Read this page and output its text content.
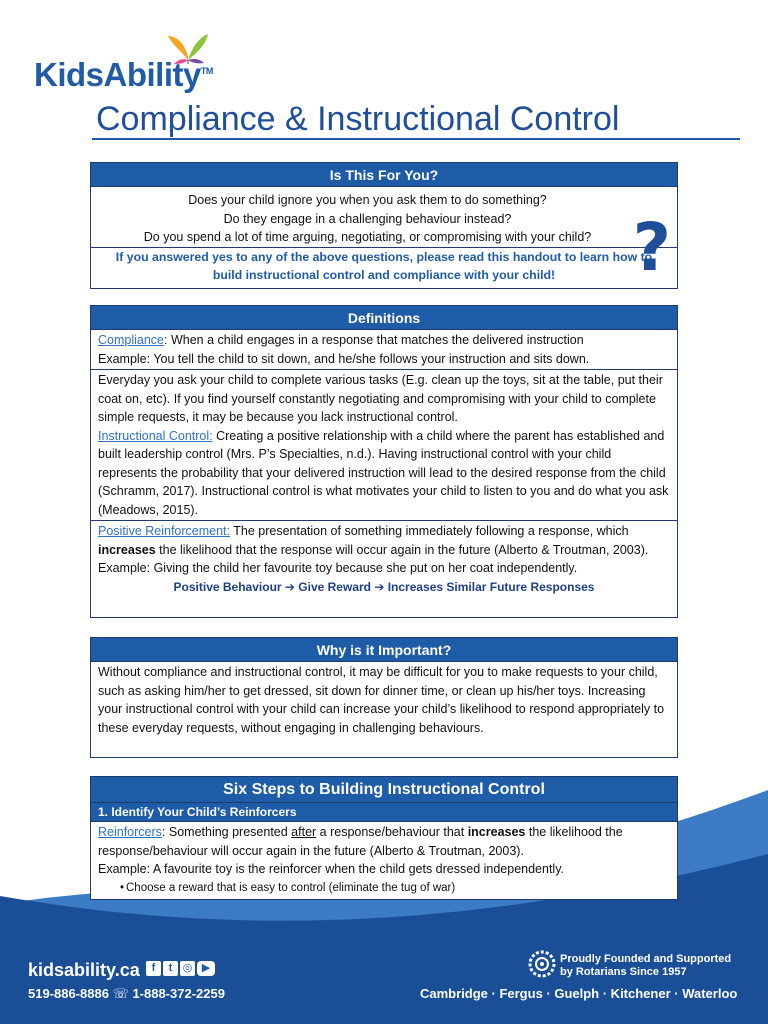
KidsAbility™
Compliance & Instructional Control
Is This For You?
Does your child ignore you when you ask them to do something?
Do they engage in a challenging behaviour instead?
Do you spend a lot of time arguing, negotiating, or compromising with your child?
If you answered yes to any of the above questions, please read this handout to learn how to build instructional control and compliance with your child!	?
Definitions
Compliance: When a child engages in a response that matches the delivered instruction
Example: You tell the child to sit down, and he/she follows your instruction and sits down.
Everyday you ask your child to complete various tasks (E.g. clean up the toys, sit at the table, put their coat on, etc). If you find yourself constantly negotiating and compromising with your child to complete simple requests, it may be because you lack instructional control.
Instructional Control: Creating a positive relationship with a child where the parent has established and built leadership control (Mrs. P’s Specialties, n.d.). Having instructional control with your child represents the probability that your delivered instruction will lead to the desired response from the child (Schramm, 2017). Instructional control is what motivates your child to listen to you and do what you ask (Meadows, 2015).
Positive Reinforcement: The presentation of something immediately following a response, which increases the likelihood that the response will occur again in the future (Alberto & Troutman, 2003).
Example: Giving the child her favourite toy because she put on her coat independently.
Positive Behaviour ➔ Give Reward ➔ Increases Similar Future Responses
Why is it Important?
Without compliance and instructional control, it may be difficult for you to make requests to your child, such as asking him/her to get dressed, sit down for dinner time, or clean up his/her toys. Increasing your instructional control with your child can increase your child’s likelihood to respond appropriately to these everyday requests, without engaging in challenging behaviours.
Six Steps to Building Instructional Control
1. Identify Your Child’s Reinforcers
Reinforcers: Something presented after a response/behaviour that increases the likelihood the response/behaviour will occur again in the future (Alberto & Troutman, 2003).
Example: A favourite toy is the reinforcer when the child gets dressed independently.
• Choose a reward that is easy to control (eliminate the tug of war)
kidsability.ca	f	t ◎ ▶
519-886-8886 ☏ 1-888-372-2259
Proudly Founded and Supported
by Rotarians Since 1957
Cambridge · Fergus · Guelph · Kitchener · Waterloo
